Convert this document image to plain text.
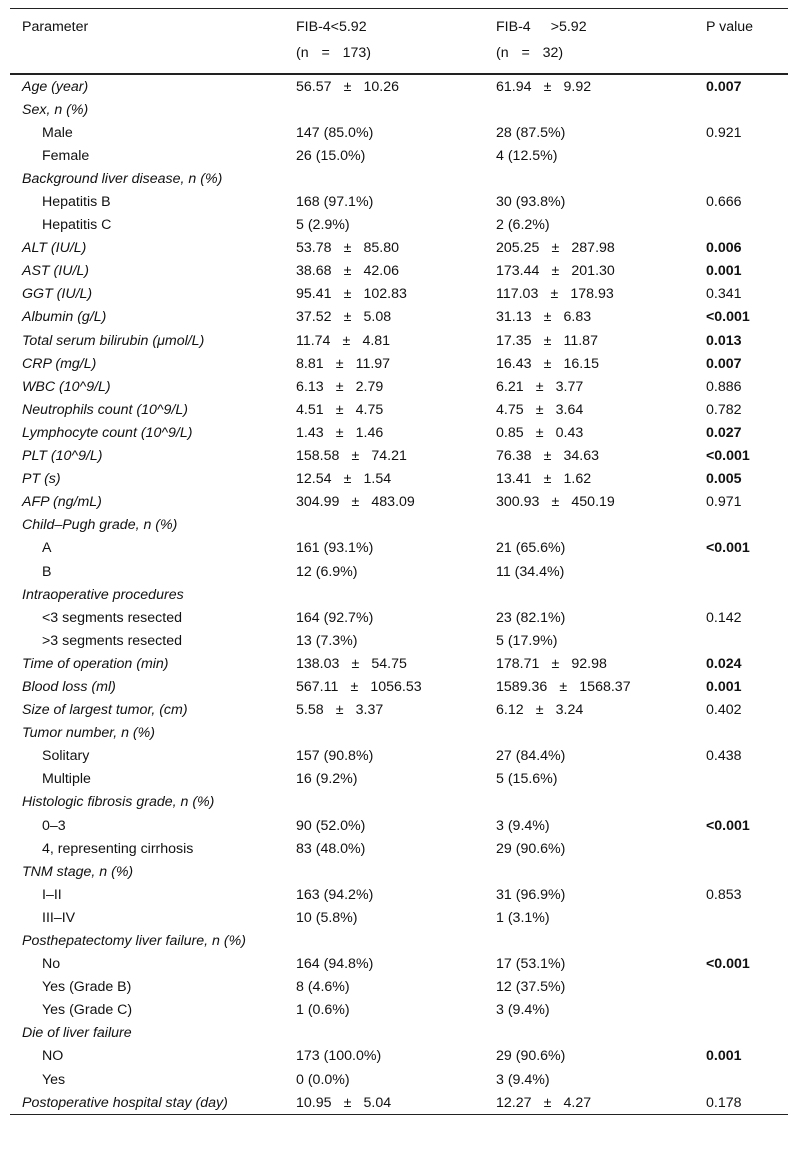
Parameter	FIB-4<5.92	FIB-4 >5.92	P value
	(n = 173)	(n = 32)	
Age (year)	56.57 ± 10.26	61.94 ± 9.92	0.007
Sex, n (%)			
Male	147 (85.0%)	28 (87.5%)	0.921
Female	26 (15.0%)	4 (12.5%)	
Background liver disease, n (%)			
Hepatitis B	168 (97.1%)	30 (93.8%)	0.666
Hepatitis C	5 (2.9%)	2 (6.2%)	
ALT (IU/L)	53.78 ± 85.80	205.25 ± 287.98	0.006
AST (IU/L)	38.68 ± 42.06	173.44 ± 201.30	0.001
GGT (IU/L)	95.41 ± 102.83	117.03 ± 178.93	0.341
Albumin (g/L)	37.52 ± 5.08	31.13 ± 6.83	<0.001
Total serum bilirubin (μmol/L)	11.74 ± 4.81	17.35 ± 11.87	0.013
CRP (mg/L)	8.81 ± 11.97	16.43 ± 16.15	0.007
WBC (10^9/L)	6.13 ± 2.79	6.21 ± 3.77	0.886
Neutrophils count (10^9/L)	4.51 ± 4.75	4.75 ± 3.64	0.782
Lymphocyte count (10^9/L)	1.43 ± 1.46	0.85 ± 0.43	0.027
PLT (10^9/L)	158.58 ± 74.21	76.38 ± 34.63	<0.001
PT (s)	12.54 ± 1.54	13.41 ± 1.62	0.005
AFP (ng/mL)	304.99 ± 483.09	300.93 ± 450.19	0.971
Child–Pugh grade, n (%)			
A	161 (93.1%)	21 (65.6%)	<0.001
B	12 (6.9%)	11 (34.4%)	
Intraoperative procedures			
<3 segments resected	164 (92.7%)	23 (82.1%)	0.142
>3 segments resected	13 (7.3%)	5 (17.9%)	
Time of operation (min)	138.03 ± 54.75	178.71 ± 92.98	0.024
Blood loss (ml)	567.11 ± 1056.53	1589.36 ± 1568.37	0.001
Size of largest tumor, (cm)	5.58 ± 3.37	6.12 ± 3.24	0.402
Tumor number, n (%)			
Solitary	157 (90.8%)	27 (84.4%)	0.438
Multiple	16 (9.2%)	5 (15.6%)	
Histologic fibrosis grade, n (%)			
0–3	90 (52.0%)	3 (9.4%)	<0.001
4, representing cirrhosis	83 (48.0%)	29 (90.6%)	
TNM stage, n (%)			
I–II	163 (94.2%)	31 (96.9%)	0.853
III–IV	10 (5.8%)	1 (3.1%)	
Posthepatectomy liver failure, n (%)			
No	164 (94.8%)	17 (53.1%)	<0.001
Yes (Grade B)	8 (4.6%)	12 (37.5%)	
Yes (Grade C)	1 (0.6%)	3 (9.4%)	
Die of liver failure			
NO	173 (100.0%)	29 (90.6%)	0.001
Yes	0 (0.0%)	3 (9.4%)	
Postoperative hospital stay (day)	10.95 ± 5.04	12.27 ± 4.27	0.178
